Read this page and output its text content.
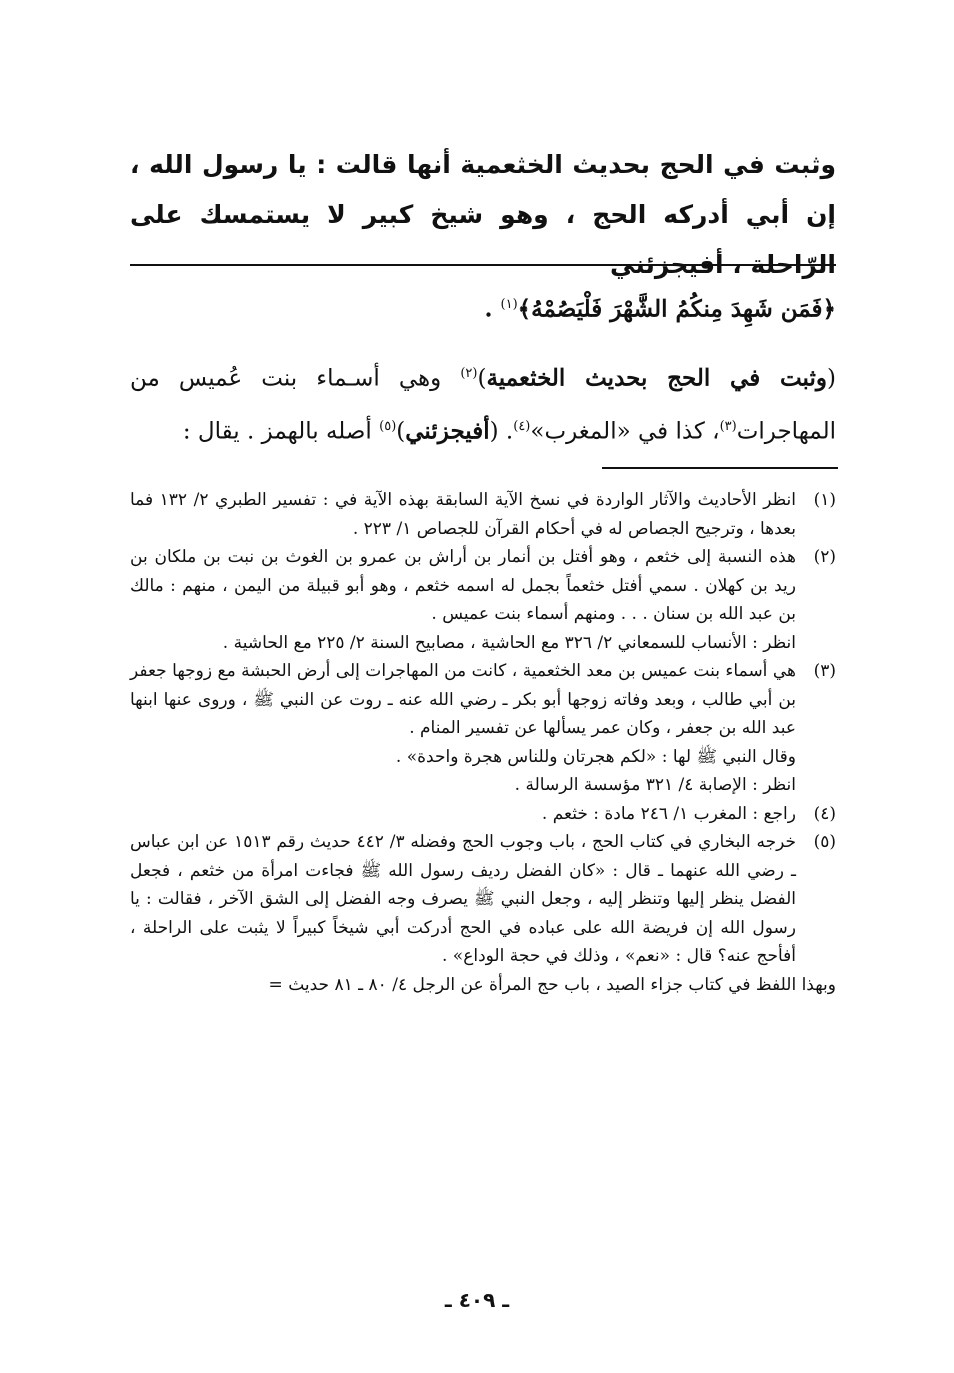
وثبت في الحج بحديث الخثعمية أنها قالت : يا رسول الله ، إن أبي أدركه الحج ، وهو شيخ كبير لا يستمسك على الرّاحلة ، أفيجزئني

﴿فَمَن شَهِدَ مِنكُمُ الشَّهْرَ فَلْيَصُمْهُ﴾$^{(١)}$ .

(وثبت في الحج بحديث الخثعمية)$^{(٢)}$ وهي أسـماء بنت عُميس من المهاجرات$^{(٣)}$، كذا في «المغرب»$^{(٤)}$. (أفيجزئني)$^{(٥)}$ أصله بالهمز . يقال :

(١)

انظر الأحاديث والآثار الواردة في نسخ الآية السابقة بهذه الآية في : تفسير الطبري ٢/ ١٣٢ فما بعدها ، وترجيح الجصاص له في أحكام القرآن للجصاص ١/ ٢٢٣ .

(٢)

هذه النسبة إلى خثعم ، وهو أفتل بن أنمار بن أراش بن عمرو بن الغوث بن نبت بن ملكان بن ريد بن كهلان . سمي أفتل خثعماً بجمل له اسمه خثعم ، وهو أبو قبيلة من اليمن ، منهم : مالك بن عبد الله بن سنان . . . ومنهم أسماء بنت عميس .

انظر : الأنساب للسمعاني ٢/ ٣٢٦ مع الحاشية ، مصابيح السنة ٢/ ٢٢٥ مع الحاشية .

(٣)

هي أسماء بنت عميس بن معد الخثعمية ، كانت من المهاجرات إلى أرض الحبشة مع زوجها جعفر بن أبي طالب ، وبعد وفاته زوجها أبو بكر ـ رضي الله عنه ـ روت عن النبي ﷺ ، وروى عنها ابنها عبد الله بن جعفر ، وكان عمر يسألها عن تفسير المنام .

وقال النبي ﷺ لها : «لكم هجرتان وللناس هجرة واحدة» .

انظر : الإصابة ٤/ ٣٢١ مؤسسة الرسالة .

(٤)

راجع : المغرب ١/ ٢٤٦ مادة : خثعم .

(٥)

خرجه البخاري في كتاب الحج ، باب وجوب الحج وفضله ٣/ ٤٤٢ حديث رقم ١٥١٣ عن ابن عباس ـ رضي الله عنهما ـ قال : «كان الفضل رديف رسول الله ﷺ فجاءت امرأة من خثعم ، فجعل الفضل ينظر إليها وتنظر إليه ، وجعل النبي ﷺ يصرف وجه الفضل إلى الشق الآخر ، فقالت : يا رسول الله إن فريضة الله على عباده في الحج أدركت أبي شيخاً كبيراً لا يثبت على الراحلة ، أفأحج عنه؟ قال : «نعم» ، وذلك في حجة الوداع» .

وبهذا اللفظ في كتاب جزاء الصيد ، باب حج المرأة عن الرجل ٤/ ٨٠ ـ ٨١ حديث =

ـ ٤٠٩ ـ
